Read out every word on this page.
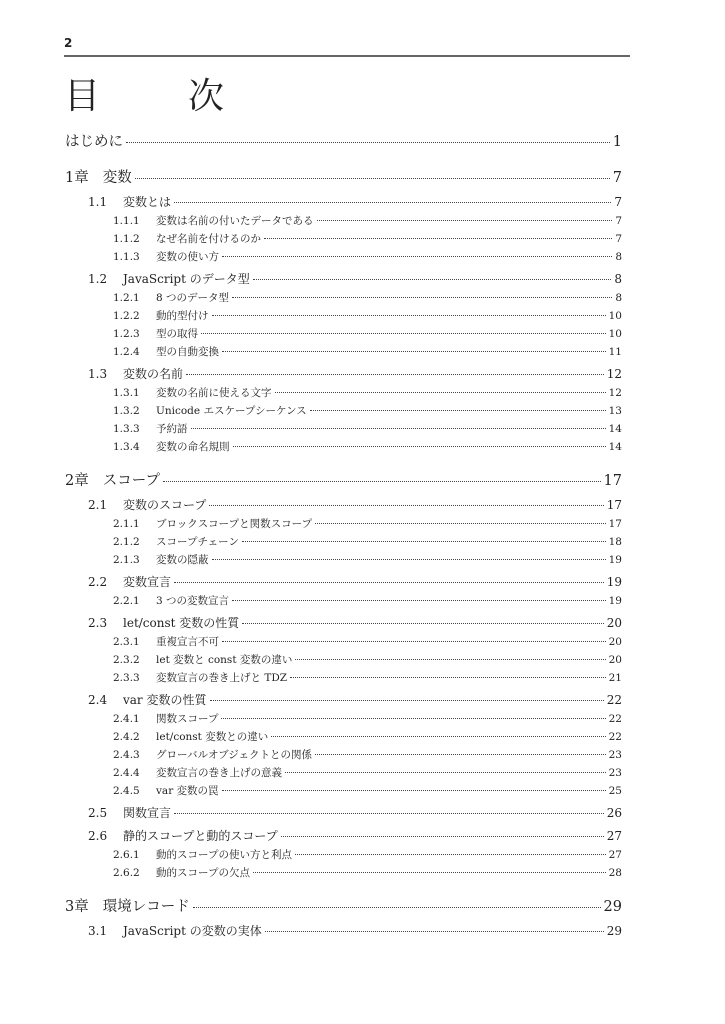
2
目　次
はじめに	1
1章 変数	7
1.1	変数とは	7
1.1.1	変数は名前の付いたデータである	7
1.1.2	なぜ名前を付けるのか	7
1.1.3	変数の使い方	8
1.2	JavaScript のデータ型	8
1.2.1	8 つのデータ型	8
1.2.2	動的型付け	10
1.2.3	型の取得	10
1.2.4	型の自動変換	11
1.3	変数の名前	12
1.3.1	変数の名前に使える文字	12
1.3.2	Unicode エスケープシーケンス	13
1.3.3	予約語	14
1.3.4	変数の命名規則	14
2章 スコープ	17
2.1	変数のスコープ	17
2.1.1	ブロックスコープと関数スコープ	17
2.1.2	スコープチェーン	18
2.1.3	変数の隠蔽	19
2.2	変数宣言	19
2.2.1	3 つの変数宣言	19
2.3	let/const 変数の性質	20
2.3.1	重複宣言不可	20
2.3.2	let 変数と const 変数の違い	20
2.3.3	変数宣言の巻き上げと TDZ	21
2.4	var 変数の性質	22
2.4.1	関数スコープ	22
2.4.2	let/const 変数との違い	22
2.4.3	グローバルオブジェクトとの関係	23
2.4.4	変数宣言の巻き上げの意義	23
2.4.5	var 変数の罠	25
2.5	関数宣言	26
2.6	静的スコープと動的スコープ	27
2.6.1	動的スコープの使い方と利点	27
2.6.2	動的スコープの欠点	28
3章 環境レコード	29
3.1	JavaScript の変数の実体	29
